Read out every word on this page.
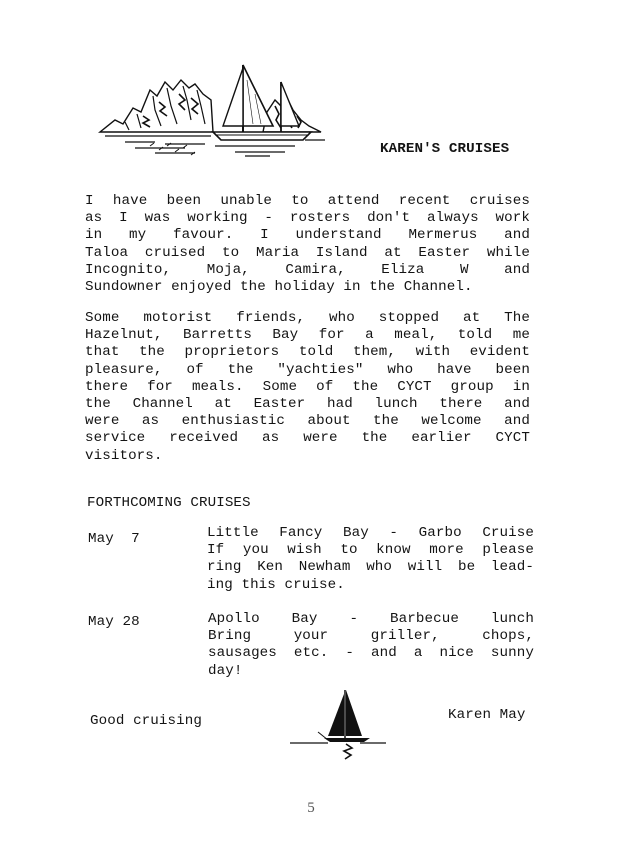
KAREN'S CRUISES
I have been unable to attend recent cruises
as I was working - rosters don't always work
in my favour. I understand Mermerus and
Taloa cruised to Maria Island at Easter while
Incognito, Moja, Camira, Eliza W and
Sundowner enjoyed the holiday in the Channel.
Some motorist friends, who stopped at The
Hazelnut, Barretts Bay for a meal, told me
that the proprietors told them, with evident
pleasure, of the "yachties" who have been
there for meals. Some of the CYCT group in
the Channel at Easter had lunch there and
were as enthusiastic about the welcome and
service received as were the earlier CYCT
visitors.
FORTHCOMING CRUISES
May  7	Little Fancy Bay - Garbo Cruise
If you wish to know more please
ring Ken Newham who will be lead-
ing this cruise.
May 28	Apollo Bay - Barbecue lunch
Bring your griller, chops,
sausages etc. - and a nice sunny
day!
Good cruising	Karen May
5
